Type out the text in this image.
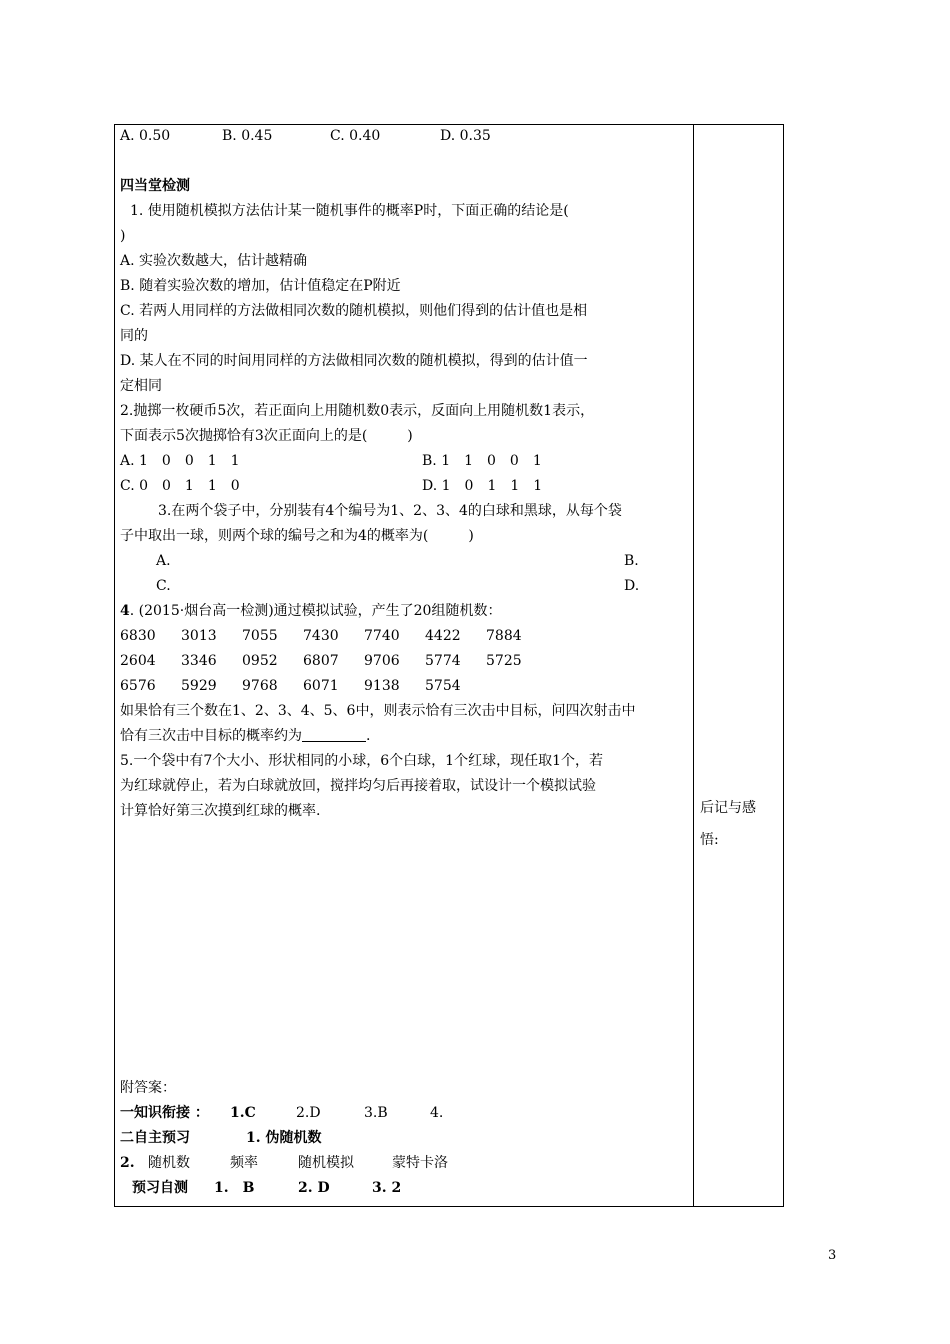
A. 0.50	B. 0.45	C. 0.40	D. 0.35
四当堂检测
1. 使用随机模拟方法估计某一随机事件的概率P时，下面正确的结论是(
)
A. 实验次数越大，估计越精确
B. 随着实验次数的增加，估计值稳定在P附近
C. 若两人用同样的方法做相同次数的随机模拟，则他们得到的估计值也是相
同的
D. 某人在不同的时间用同样的方法做相同次数的随机模拟，得到的估计值一
定相同
2.抛掷一枚硬币5次，若正面向上用随机数0表示，反面向上用随机数1表示，
下面表示5次抛掷恰有3次正面向上的是(	)
A. 1　0　0　1　1	B. 1　1　0　0　1
C. 0　0　1　1　0	D. 1　0　1　1　1
3.在两个袋子中，分别装有4个编号为1、2、3、4的白球和黑球，从每个袋
子中取出一球，则两个球的编号之和为4的概率为(	)
A.	B.
C.	D.
4. (2015·烟台高一检测)通过模拟试验，产生了20组随机数：
6830 3013 7055 7430 7740 4422 7884
2604 3346 0952 6807 9706 5774 5725
6576 5929 9768 6071 9138 5754
如果恰有三个数在1、2、3、4、5、6中，则表示恰有三次击中目标，问四次射击中
恰有三次击中目标的概率约为	.
5.一个袋中有7个大小、形状相同的小球，6个白球，1个红球，现任取1个，若
为红球就停止，若为白球就放回，搅拌均匀后再接着取，试设计一个模拟试验
计算恰好第三次摸到红球的概率.
附答案：
一知识衔接 ： 1.C	2.D	3.B	4.
二自主预习	1. 伪随机数
2. 随机数	频率	随机模拟	蒙特卡洛
预习自测 1.　B	2. D	3. 2
后记与感
悟:
3
